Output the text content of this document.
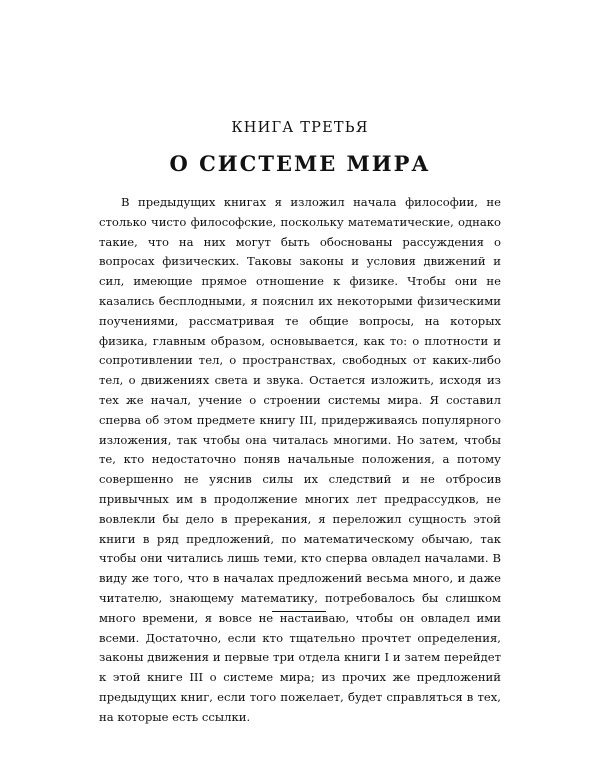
КНИГА ТРЕТЬЯ
О СИСТЕМЕ МИРА

В предыдущих книгах я изложил начала философии, не столько чисто философские, поскольку математические, однако такие, что на них могут быть обоснованы рассуждения о вопросах физических. Таковы законы и условия движений и сил, имеющие прямое отношение к физике. Чтобы они не казались бесплодными, я пояснил их некоторыми физическими поучениями, рассматривая те общие вопросы, на которых физика, главным образом, основывается, как то: о плотности и сопротивлении тел, о пространствах, свободных от каких-либо тел, о движениях света и звука. Остается изложить, исходя из тех же начал, учение о строении системы мира. Я составил сперва об этом предмете книгу III, придерживаясь популярного изложения, так чтобы она читалась многими. Но затем, чтобы те, кто недостаточно поняв начальные положения, а потому совершенно не уяснив силы их следствий и не отбросив привычных им в продолжение многих лет предрассудков, не вовлекли бы дело в пререкания, я переложил сущность этой книги в ряд предложений, по математическому обычаю, так чтобы они читались лишь теми, кто сперва овладел началами. В виду же того, что в началах предложений весьма много, и даже читателю, знающему математику, потребовалось бы слишком много времени, я вовсе не настаиваю, чтобы он овладел ими всеми. Достаточно, если кто тщательно прочтет определения, законы движения и первые три отдела книги I и затем перейдет к этой книге III о системе мира; из прочих же предложений предыдущих книг, если того пожелает, будет справляться в тех, на которые есть ссылки.
